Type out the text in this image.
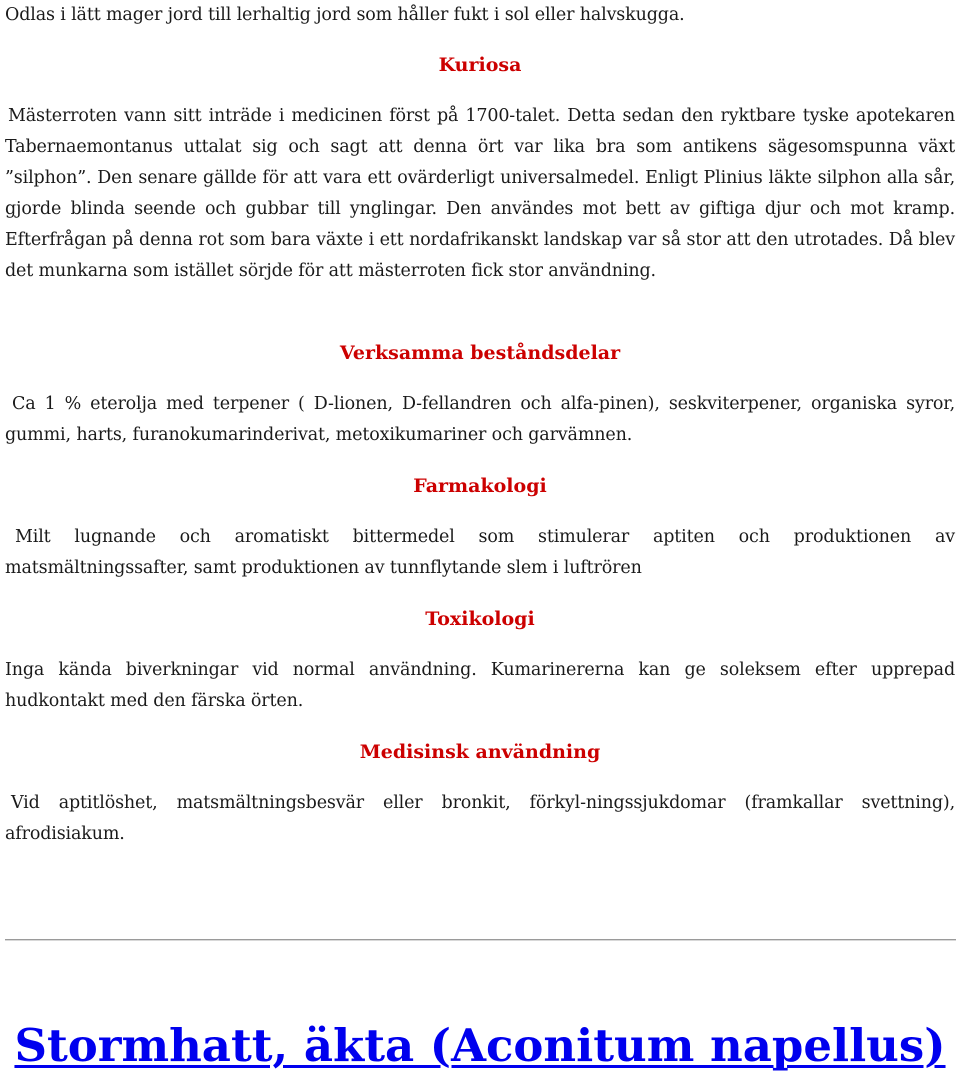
Odlas i lätt mager jord till lerhaltig jord som håller fukt i sol eller halvskugga.

Kuriosa

Mästerroten vann sitt inträde i medicinen först på 1700-talet. Detta sedan den ryktbare tyske apotekaren Tabernaemontanus uttalat sig och sagt att denna ört var lika bra som antikens sägesomspunna växt ”silphon”. Den senare gällde för att vara ett ovärderligt universalmedel. Enligt Plinius läkte silphon alla sår, gjorde blinda seende och gubbar till ynglingar. Den användes mot bett av giftiga djur och mot kramp. Efterfrågan på denna rot som bara växte i ett nordafrikanskt landskap var så stor att den utrotades. Då blev det munkarna som istället sörjde för att mästerroten fick stor användning.

Verksamma beståndsdelar

Ca 1 % eterolja med terpener ( D-lionen, D-fellandren och alfa-pinen), seskviterpener, organiska syror, gummi, harts, furanokumarinderivat, metoxikumariner och garvämnen.

Farmakologi

Milt lugnande och aromatiskt bittermedel som stimulerar aptiten och produktionen av matsmältningssafter, samt produktionen av tunnflytande slem i luftrören

Toxikologi

Inga kända biverkningar vid normal användning. Kumarinererna kan ge soleksem efter upprepad hudkontakt med den färska örten.

Medisinsk användning

Vid aptitlöshet, matsmältningsbesvär eller bronkit, förkyl-ningssjukdomar (framkallar svettning), afrodisiakum.

Stormhatt, äkta (Aconitum napellus)
